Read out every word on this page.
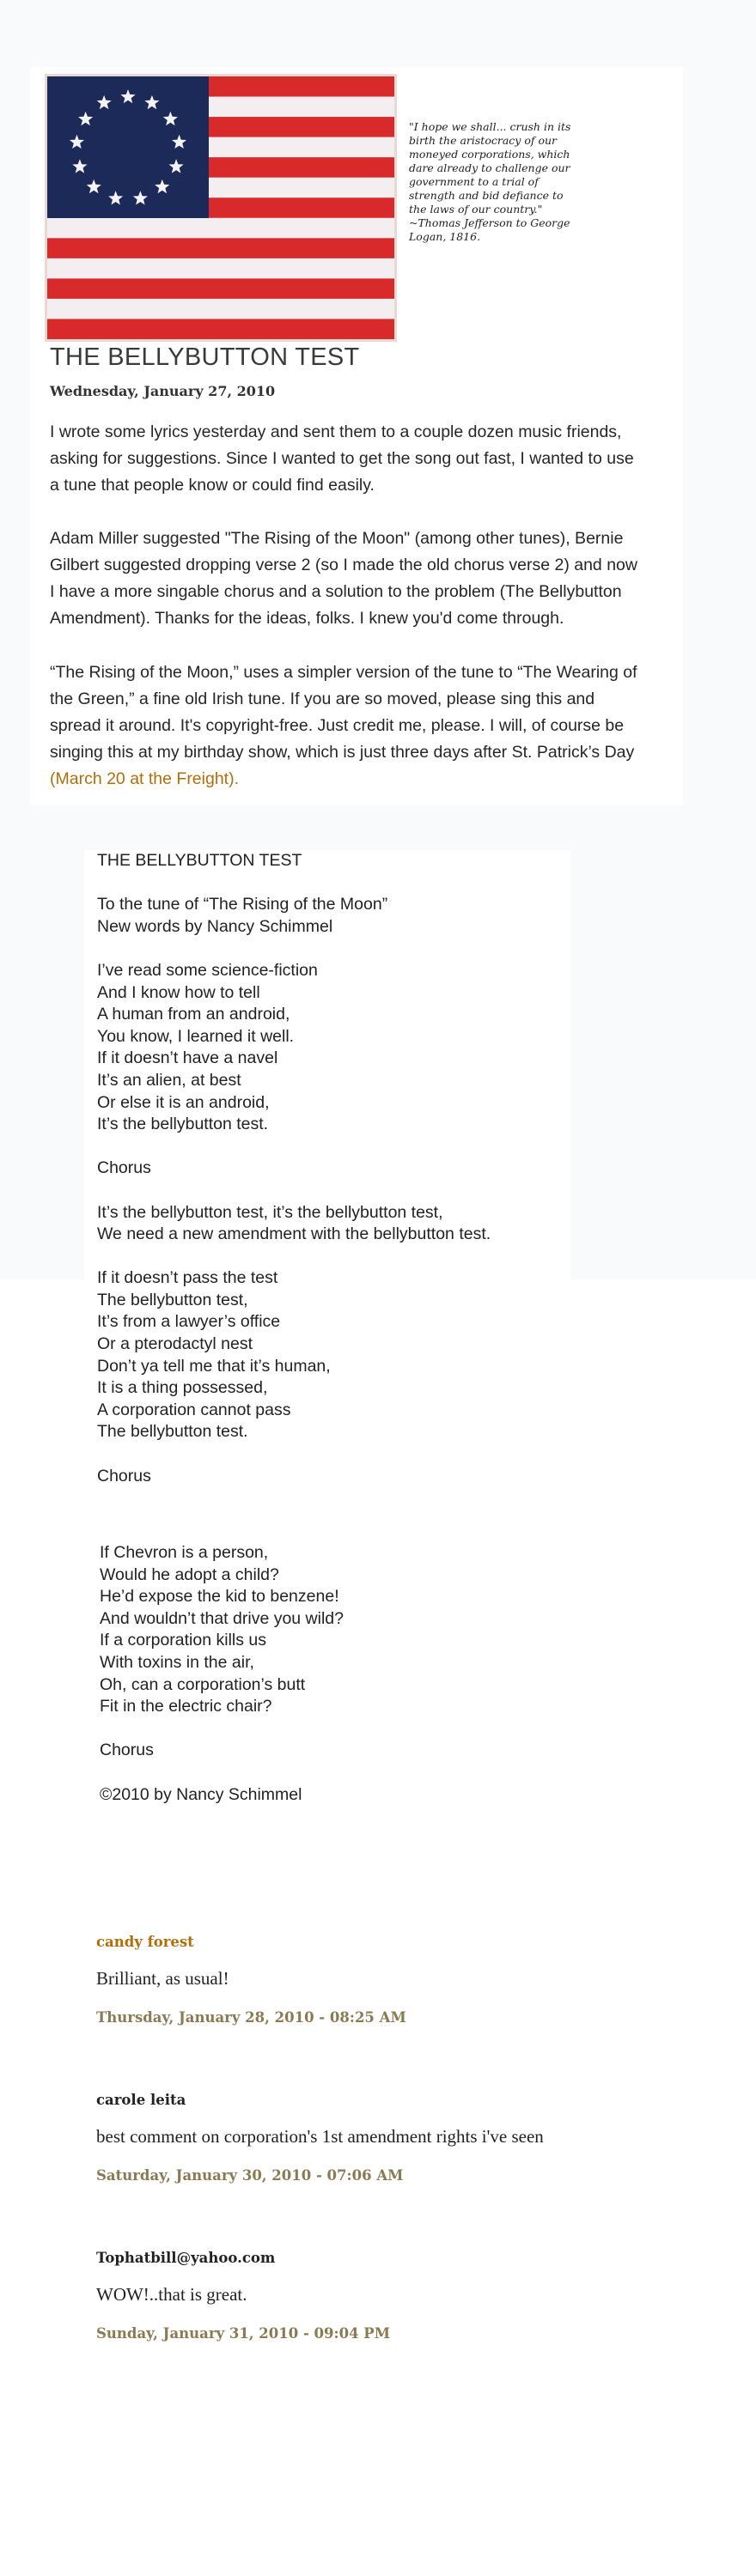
"I hope we shall... crush in its birth the aristocracy of our moneyed corporations, which dare already to challenge our government to a trial of strength and bid defiance to the laws of our country." ~Thomas Jefferson to George Logan, 1816.
THE BELLYBUTTON TEST
Wednesday, January 27, 2010

I wrote some lyrics yesterday and sent them to a couple dozen music friends, asking for suggestions. Since I wanted to get the song out fast, I wanted to use a tune that people know or could find easily.

Adam Miller suggested "The Rising of the Moon" (among other tunes), Bernie Gilbert suggested dropping verse 2 (so I made the old chorus verse 2) and now I have a more singable chorus and a solution to the problem (The Bellybutton Amendment). Thanks for the ideas, folks. I knew you'd come through.

“The Rising of the Moon,” uses a simpler version of the tune to “The Wearing of the Green,” a fine old Irish tune. If you are so moved, please sing this and spread it around. It's copyright-free. Just credit me, please. I will, of course be singing this at my birthday show, which is just three days after St. Patrick’s Day
(March 20 at the Freight).

THE BELLYBUTTON TEST

To the tune of “The Rising of the Moon”
New words by Nancy Schimmel

I’ve read some science-fiction
And I know how to tell
A human from an android,
You know, I learned it well.
If it doesn’t have a navel
It’s an alien, at best
Or else it is an android,
It’s the bellybutton test.

Chorus

It’s the bellybutton test, it’s the bellybutton test,
We need a new amendment with the bellybutton test.

If it doesn’t pass the test
The bellybutton test,
It’s from a lawyer’s office
Or a pterodactyl nest
Don’t ya tell me that it’s human,
It is a thing possessed,
A corporation cannot pass
The bellybutton test.

Chorus
If Chevron is a person,
Would he adopt a child?
He’d expose the kid to benzene!
And wouldn’t that drive you wild?
If a corporation kills us
With toxins in the air,
Oh, can a corporation’s butt
Fit in the electric chair?

Chorus

©2010 by Nancy Schimmel
candy forest
Brilliant, as usual!
Thursday, January 28, 2010 - 08:25 AM
carole leita
best comment on corporation's 1st amendment rights i've seen
Saturday, January 30, 2010 - 07:06 AM
Tophatbill@yahoo.com
WOW!..that is great.
Sunday, January 31, 2010 - 09:04 PM
